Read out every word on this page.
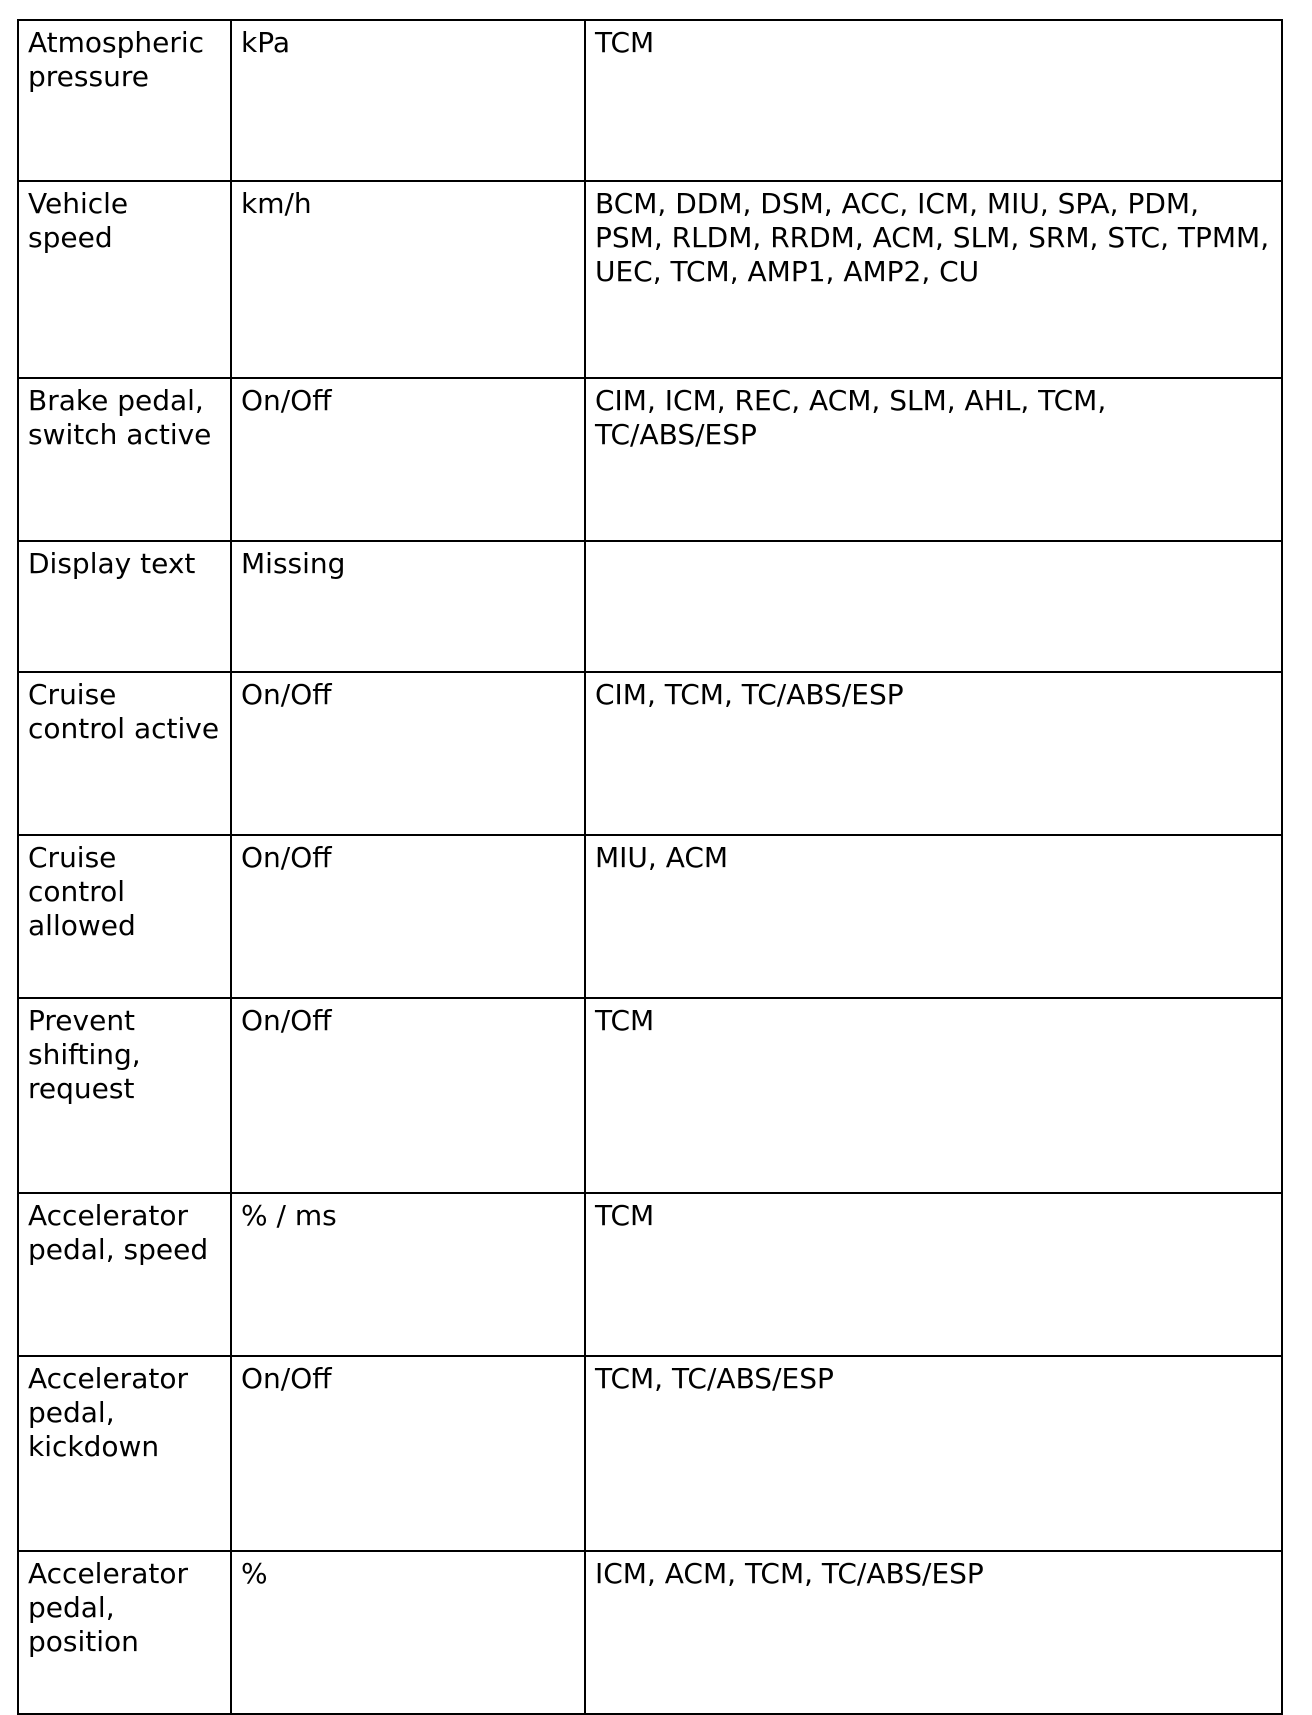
Atmospheric pressure	kPa	TCM
Vehicle speed	km/h	BCM, DDM, DSM, ACC, ICM, MIU, SPA, PDM, PSM, RLDM, RRDM, ACM, SLM, SRM, STC, TPMM, UEC, TCM, AMP1, AMP2, CU
Brake pedal, switch active	On/Off	CIM, ICM, REC, ACM, SLM, AHL, TCM, TC/ABS/ESP
Display text	Missing	
Cruise control active	On/Off	CIM, TCM, TC/ABS/ESP
Cruise control allowed	On/Off	MIU, ACM
Prevent shifting, request	On/Off	TCM
Accelerator pedal, speed	% / ms	TCM
Accelerator pedal, kickdown	On/Off	TCM, TC/ABS/ESP
Accelerator pedal, position	%	ICM, ACM, TCM, TC/ABS/ESP
